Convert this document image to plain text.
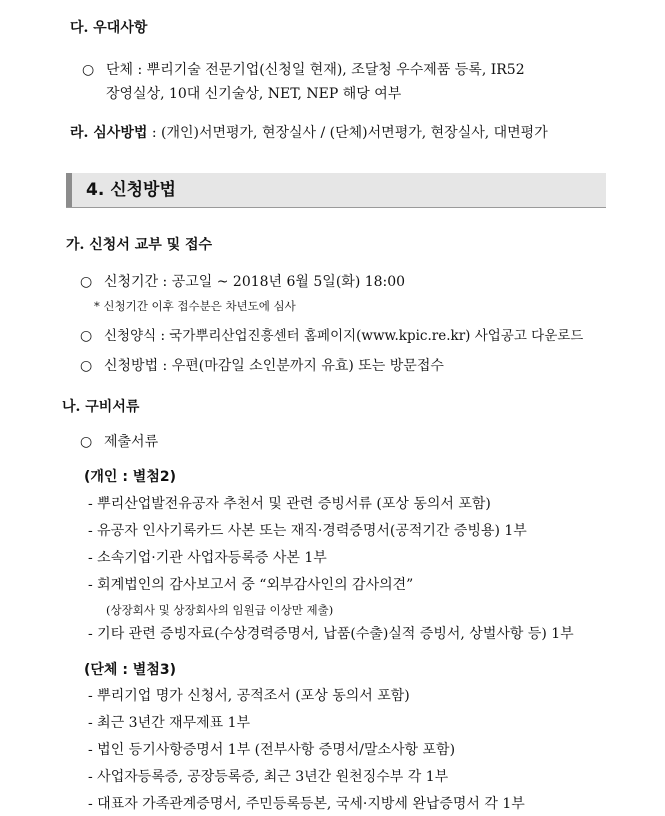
다. 우대사항
○ 단체 : 뿌리기술 전문기업(신청일 현재), 조달청 우수제품 등록, IR52
장영실상, 10대 신기술상, NET, NEP 해당 여부
라. 심사방법 : (개인)서면평가, 현장실사 / (단체)서면평가, 현장실사, 대면평가
4. 신청방법
가. 신청서 교부 및 접수
○ 신청기간 : 공고일 ~ 2018년 6월 5일(화) 18:00
* 신청기간 이후 접수분은 차년도에 심사
○ 신청양식 : 국가뿌리산업진흥센터 홈페이지(www.kpic.re.kr) 사업공고 다운로드
○ 신청방법 : 우편(마감일 소인분까지 유효) 또는 방문접수
나. 구비서류
○ 제출서류
(개인 : 별첨2)
- 뿌리산업발전유공자 추천서 및 관련 증빙서류 (포상 동의서 포함)
- 유공자 인사기록카드 사본 또는 재직·경력증명서(공적기간 증빙용) 1부
- 소속기업·기관 사업자등록증 사본 1부
- 회계법인의 감사보고서 중 “외부감사인의 감사의견”
(상장회사 및 상장회사의 임원급 이상만 제출)
- 기타 관련 증빙자료(수상경력증명서, 납품(수출)실적 증빙서, 상벌사항 등) 1부
(단체 : 별첨3)
- 뿌리기업 명가 신청서, 공적조서 (포상 동의서 포함)
- 최근 3년간 재무제표 1부
- 법인 등기사항증명서 1부 (전부사항 증명서/말소사항 포함)
- 사업자등록증, 공장등록증, 최근 3년간 원천징수부 각 1부
- 대표자 가족관계증명서, 주민등록등본, 국세·지방세 완납증명서 각 1부
